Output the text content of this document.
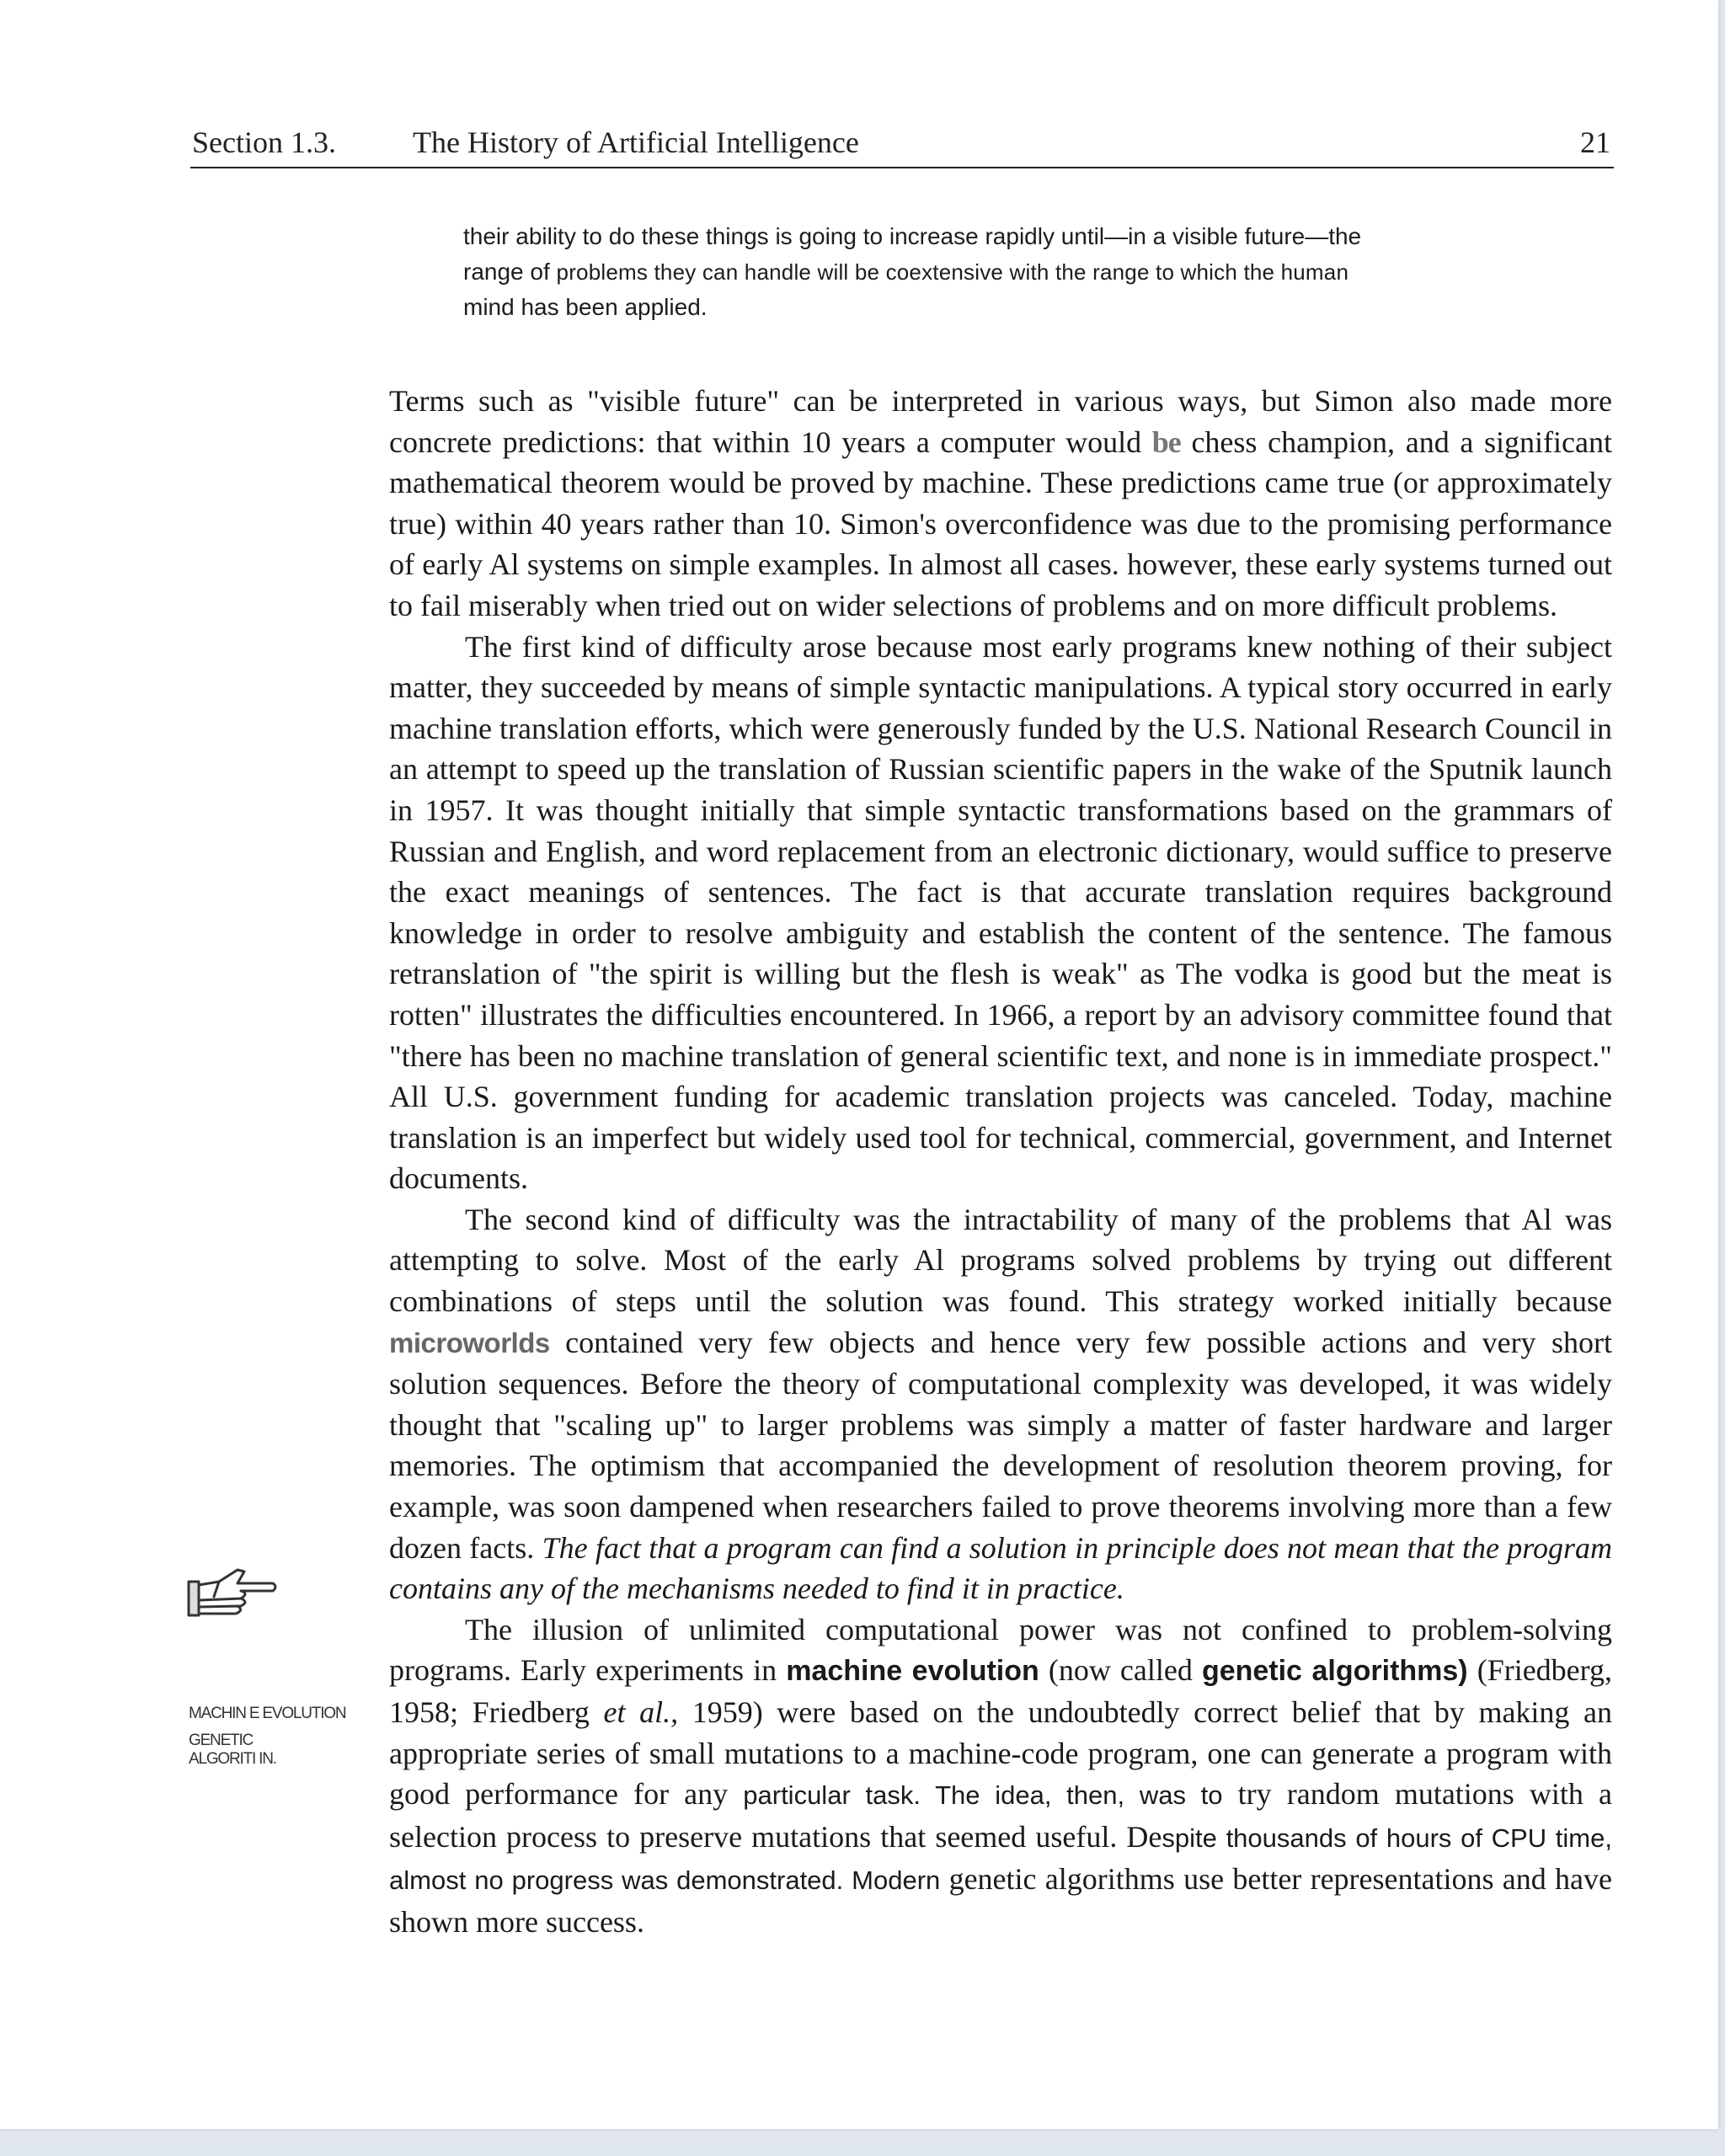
Section 1.3.	The History of Artificial Intelligence	21
their ability to do these things is going to increase rapidly until—in a visible future—the
range of problems they can handle will be coextensive with the range to which the human
mind has been applied.

Terms such as "visible future" can be interpreted in various ways, but Simon also made more concrete predictions: that within 10 years a computer would be chess champion, and a significant mathematical theorem would be proved by machine. These predictions came true (or approximately true) within 40 years rather than 10. Simon's overconfidence was due to the promising performance of early Al systems on simple examples. In almost all cases. however, these early systems turned out to fail miserably when tried out on wider selections of problems and on more difficult problems.

The first kind of difficulty arose because most early programs knew nothing of their subject matter, they succeeded by means of simple syntactic manipulations. A typical story occurred in early machine translation efforts, which were generously funded by the U.S. National Research Council in an attempt to speed up the translation of Russian scientific papers in the wake of the Sputnik launch in 1957. It was thought initially that simple syntactic transformations based on the grammars of Russian and English, and word replacement from an electronic dictionary, would suffice to preserve the exact meanings of sentences. The fact is that accurate translation requires background knowledge in order to resolve ambiguity and establish the content of the sentence. The famous retranslation of "the spirit is willing but the flesh is weak" as The vodka is good but the meat is rotten" illustrates the difficulties encountered. In 1966, a report by an advisory committee found that "there has been no machine translation of general scientific text, and none is in immediate prospect." All U.S. government funding for academic translation projects was canceled. Today, machine translation is an imperfect but widely used tool for technical, commercial, government, and Internet documents.

The second kind of difficulty was the intractability of many of the problems that Al was attempting to solve. Most of the early Al programs solved problems by trying out different combinations of steps until the solution was found. This strategy worked initially because microworlds contained very few objects and hence very few possible actions and very short solution sequences. Before the theory of computational complexity was developed, it was widely thought that "scaling up" to larger problems was simply a matter of faster hardware and larger memories. The optimism that accompanied the development of resolution theorem proving, for example, was soon dampened when researchers failed to prove theorems involving more than a few dozen facts. The fact that a program can find a solution in principle does not mean that the program contains any of the mechanisms needed to find it in practice.

The illusion of unlimited computational power was not confined to problem-solving programs. Early experiments in machine evolution (now called genetic algorithms) (Friedberg, 1958; Friedberg et al., 1959) were based on the undoubtedly correct belief that by making an appropriate series of small mutations to a machine-code program, one can generate a program with good performance for any particular task. The idea, then, was to try random mutations with a selection process to preserve mutations that seemed useful. Despite thousands of hours of CPU time, almost no progress was demonstrated. Modern genetic algorithms use better representations and have shown more success.

MACHIN E EVOLUTION
GENETIC
ALGORITI IN.
